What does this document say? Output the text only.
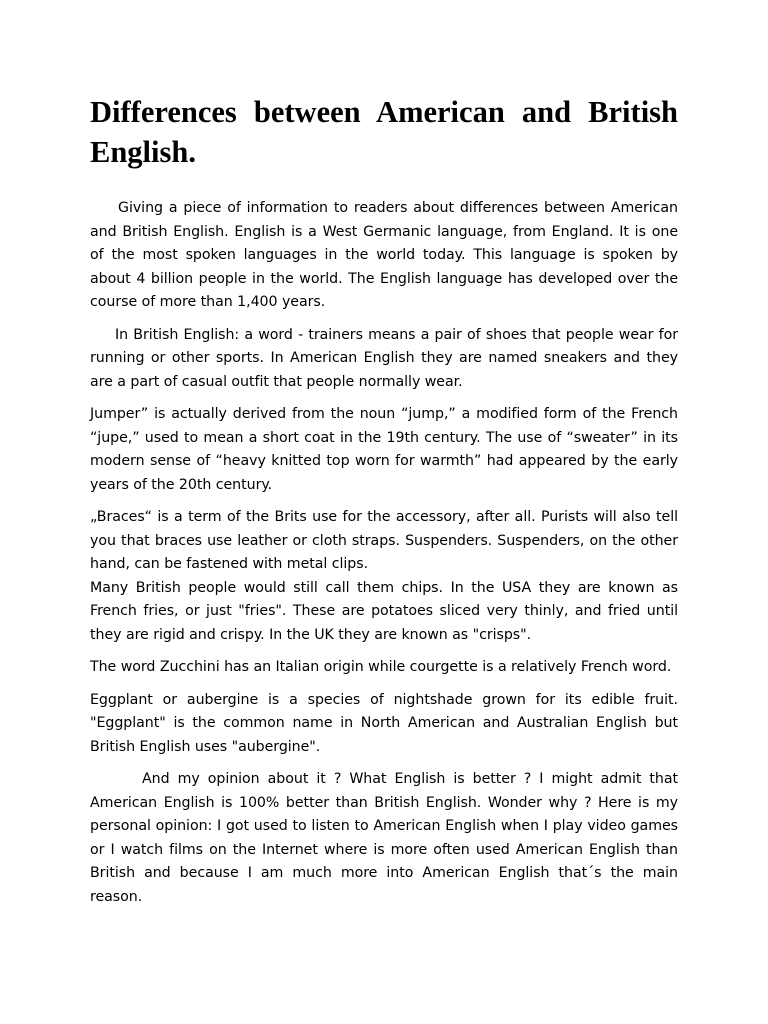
Differences between American and British English.

Giving a piece of information to readers about differences between American and British English. English is a West Germanic language, from England. It is one of the most spoken languages in the world today. This language is spoken by about 4 billion people in the world. The English language has developed over the course of more than 1,400 years.

In British English: a word - trainers means a pair of shoes that people wear for running or other sports. In American English they are named sneakers and they are a part of casual outfit that people normally wear.

Jumper” is actually derived from the noun “jump,” a modified form of the French “jupe,” used to mean a short coat in the 19th century. The use of “sweater” in its modern sense of “heavy knitted top worn for warmth” had appeared by the early years of the 20th century.

„Braces“ is a term of the Brits use for the accessory, after all. Purists will also tell you that braces use leather or cloth straps. Suspenders. Suspenders, on the other hand, can be fastened with metal clips.

Many British people would still call them chips. In the USA they are known as French fries, or just "fries". These are potatoes sliced very thinly, and fried until they are rigid and crispy. In the UK they are known as "crisps".

The word Zucchini has an Italian origin while courgette is a relatively French word.

Eggplant or aubergine is a species of nightshade grown for its edible fruit. "Eggplant" is the common name in North American and Australian English but British English uses "aubergine".

And my opinion about it ? What English is better ? I might admit that American English is 100% better than British English. Wonder why ? Here is my personal opinion: I got used to listen to American English when I play video games or I watch films on the Internet where is more often used American English than British and because I am much more into American English that´s the main reason.
